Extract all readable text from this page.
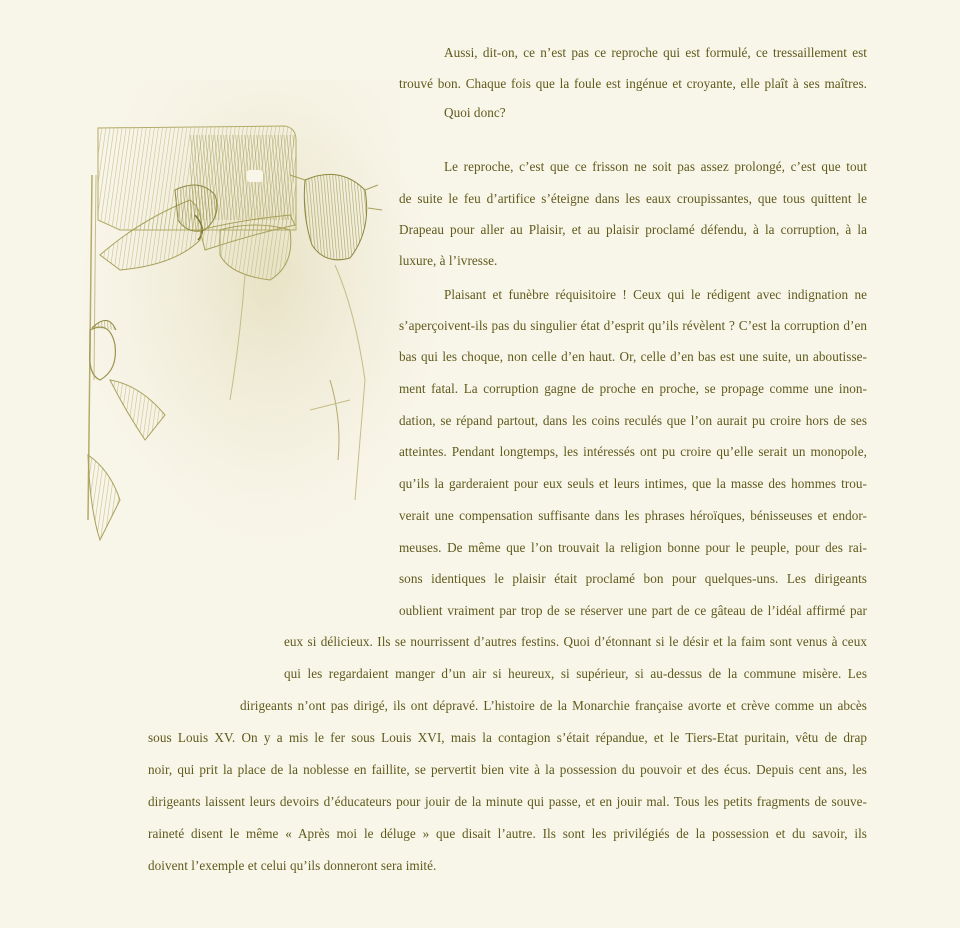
Aussi, dit-on, ce n’est pas ce reproche qui est formulé, ce tressaillement est
trouvé bon. Chaque fois que la foule est ingénue et croyante, elle plaît à ses maîtres.
Quoi donc?
Le reproche, c’est que ce frisson ne soit pas assez prolongé, c’est que tout
de suite le feu d’artifice s’éteigne dans les eaux croupissantes, que tous quittent le
Drapeau pour aller au Plaisir, et au plaisir proclamé défendu, à la corruption, à la
luxure, à l’ivresse.
Plaisant et funèbre réquisitoire ! Ceux qui le rédigent avec indignation ne
s’aperçoivent-ils pas du singulier état d’esprit qu’ils révèlent ? C’est la corruption d’en
bas qui les choque, non celle d’en haut. Or, celle d’en bas est une suite, un aboutisse-
ment fatal. La corruption gagne de proche en proche, se propage comme une inon-
dation, se répand partout, dans les coins reculés que l’on aurait pu croire hors de ses
atteintes. Pendant longtemps, les intéressés ont pu croire qu’elle serait un monopole,
qu’ils la garderaient pour eux seuls et leurs intimes, que la masse des hommes trou-
verait une compensation suffisante dans les phrases héroïques, bénisseuses et endor-
meuses. De même que l’on trouvait la religion bonne pour le peuple, pour des rai-
sons identiques le plaisir était proclamé bon pour quelques-uns. Les dirigeants
oublient vraiment par trop de se réserver une part de ce gâteau de l’idéal affirmé par
eux si délicieux. Ils se nourrissent d’autres festins. Quoi d’étonnant si le désir et la faim sont venus à ceux
qui les regardaient manger d’un air si heureux, si supérieur, si au-dessus de la commune misère. Les
dirigeants n’ont pas dirigé, ils ont dépravé. L’histoire de la Monarchie française avorte et crève comme un abcès
sous Louis XV. On y a mis le fer sous Louis XVI, mais la contagion s’était répandue, et le Tiers-Etat puritain, vêtu de drap
noir, qui prit la place de la noblesse en faillite, se pervertit bien vite à la possession du pouvoir et des écus. Depuis cent ans, les
dirigeants laissent leurs devoirs d’éducateurs pour jouir de la minute qui passe, et en jouir mal. Tous les petits fragments de souve-
raineté disent le même « Après moi le déluge » que disait l’autre. Ils sont les privilégiés de la possession et du savoir, ils
doivent l’exemple et celui qu’ils donneront sera imité.
